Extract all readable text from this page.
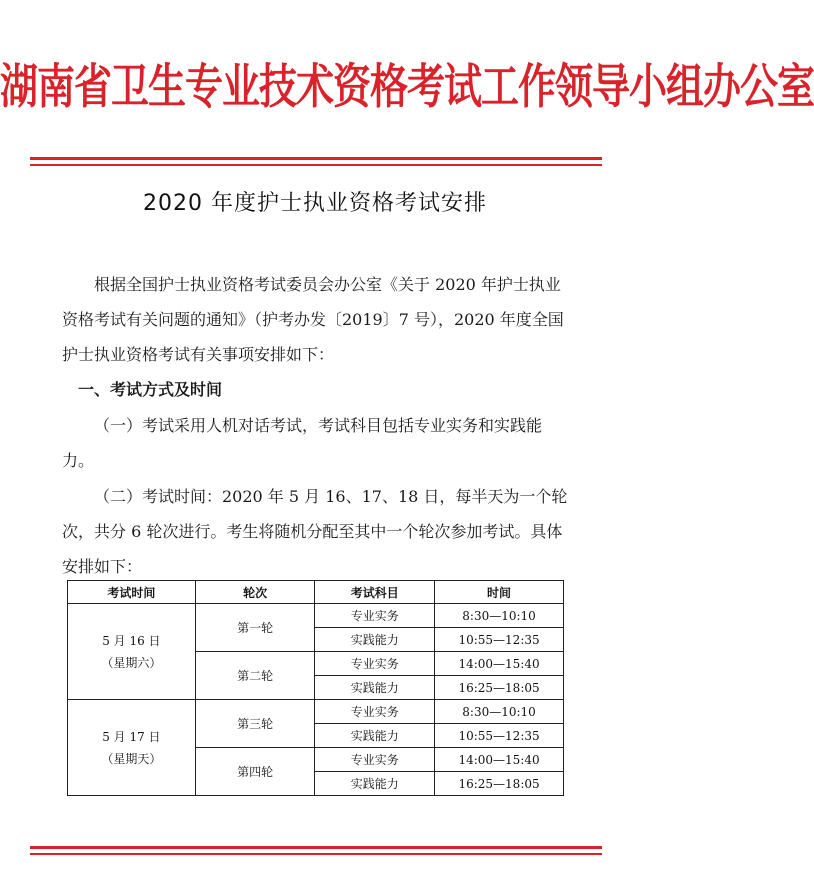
湖南省卫生专业技术资格考试工作领导小组办公室
2020 年度护士执业资格考试安排
根据全国护士执业资格考试委员会办公室《关于 2020 年护士执业资格考试有关问题的通知》（护考办发〔2019〕7 号），2020 年度全国护士执业资格考试有关事项安排如下：
一、考试方式及时间
（一）考试采用人机对话考试，考试科目包括专业实务和实践能力。
（二）考试时间：2020 年 5 月 16、17、18 日，每半天为一个轮次，共分 6 轮次进行。考生将随机分配至其中一个轮次参加考试。具体安排如下：
考试时间	轮次	考试科目	时间

5 月 16 日
（星期六）	第一轮	专业实务	8:30—10:10
		实践能力	10:55—12:35
	第二轮	专业实务	14:00—15:40
		实践能力	16:25—18:05

5 月 17 日
（星期天）	第三轮	专业实务	8:30—10:10
		实践能力	10:55—12:35
	第四轮	专业实务	14:00—15:40
		实践能力	16:25—18:05
